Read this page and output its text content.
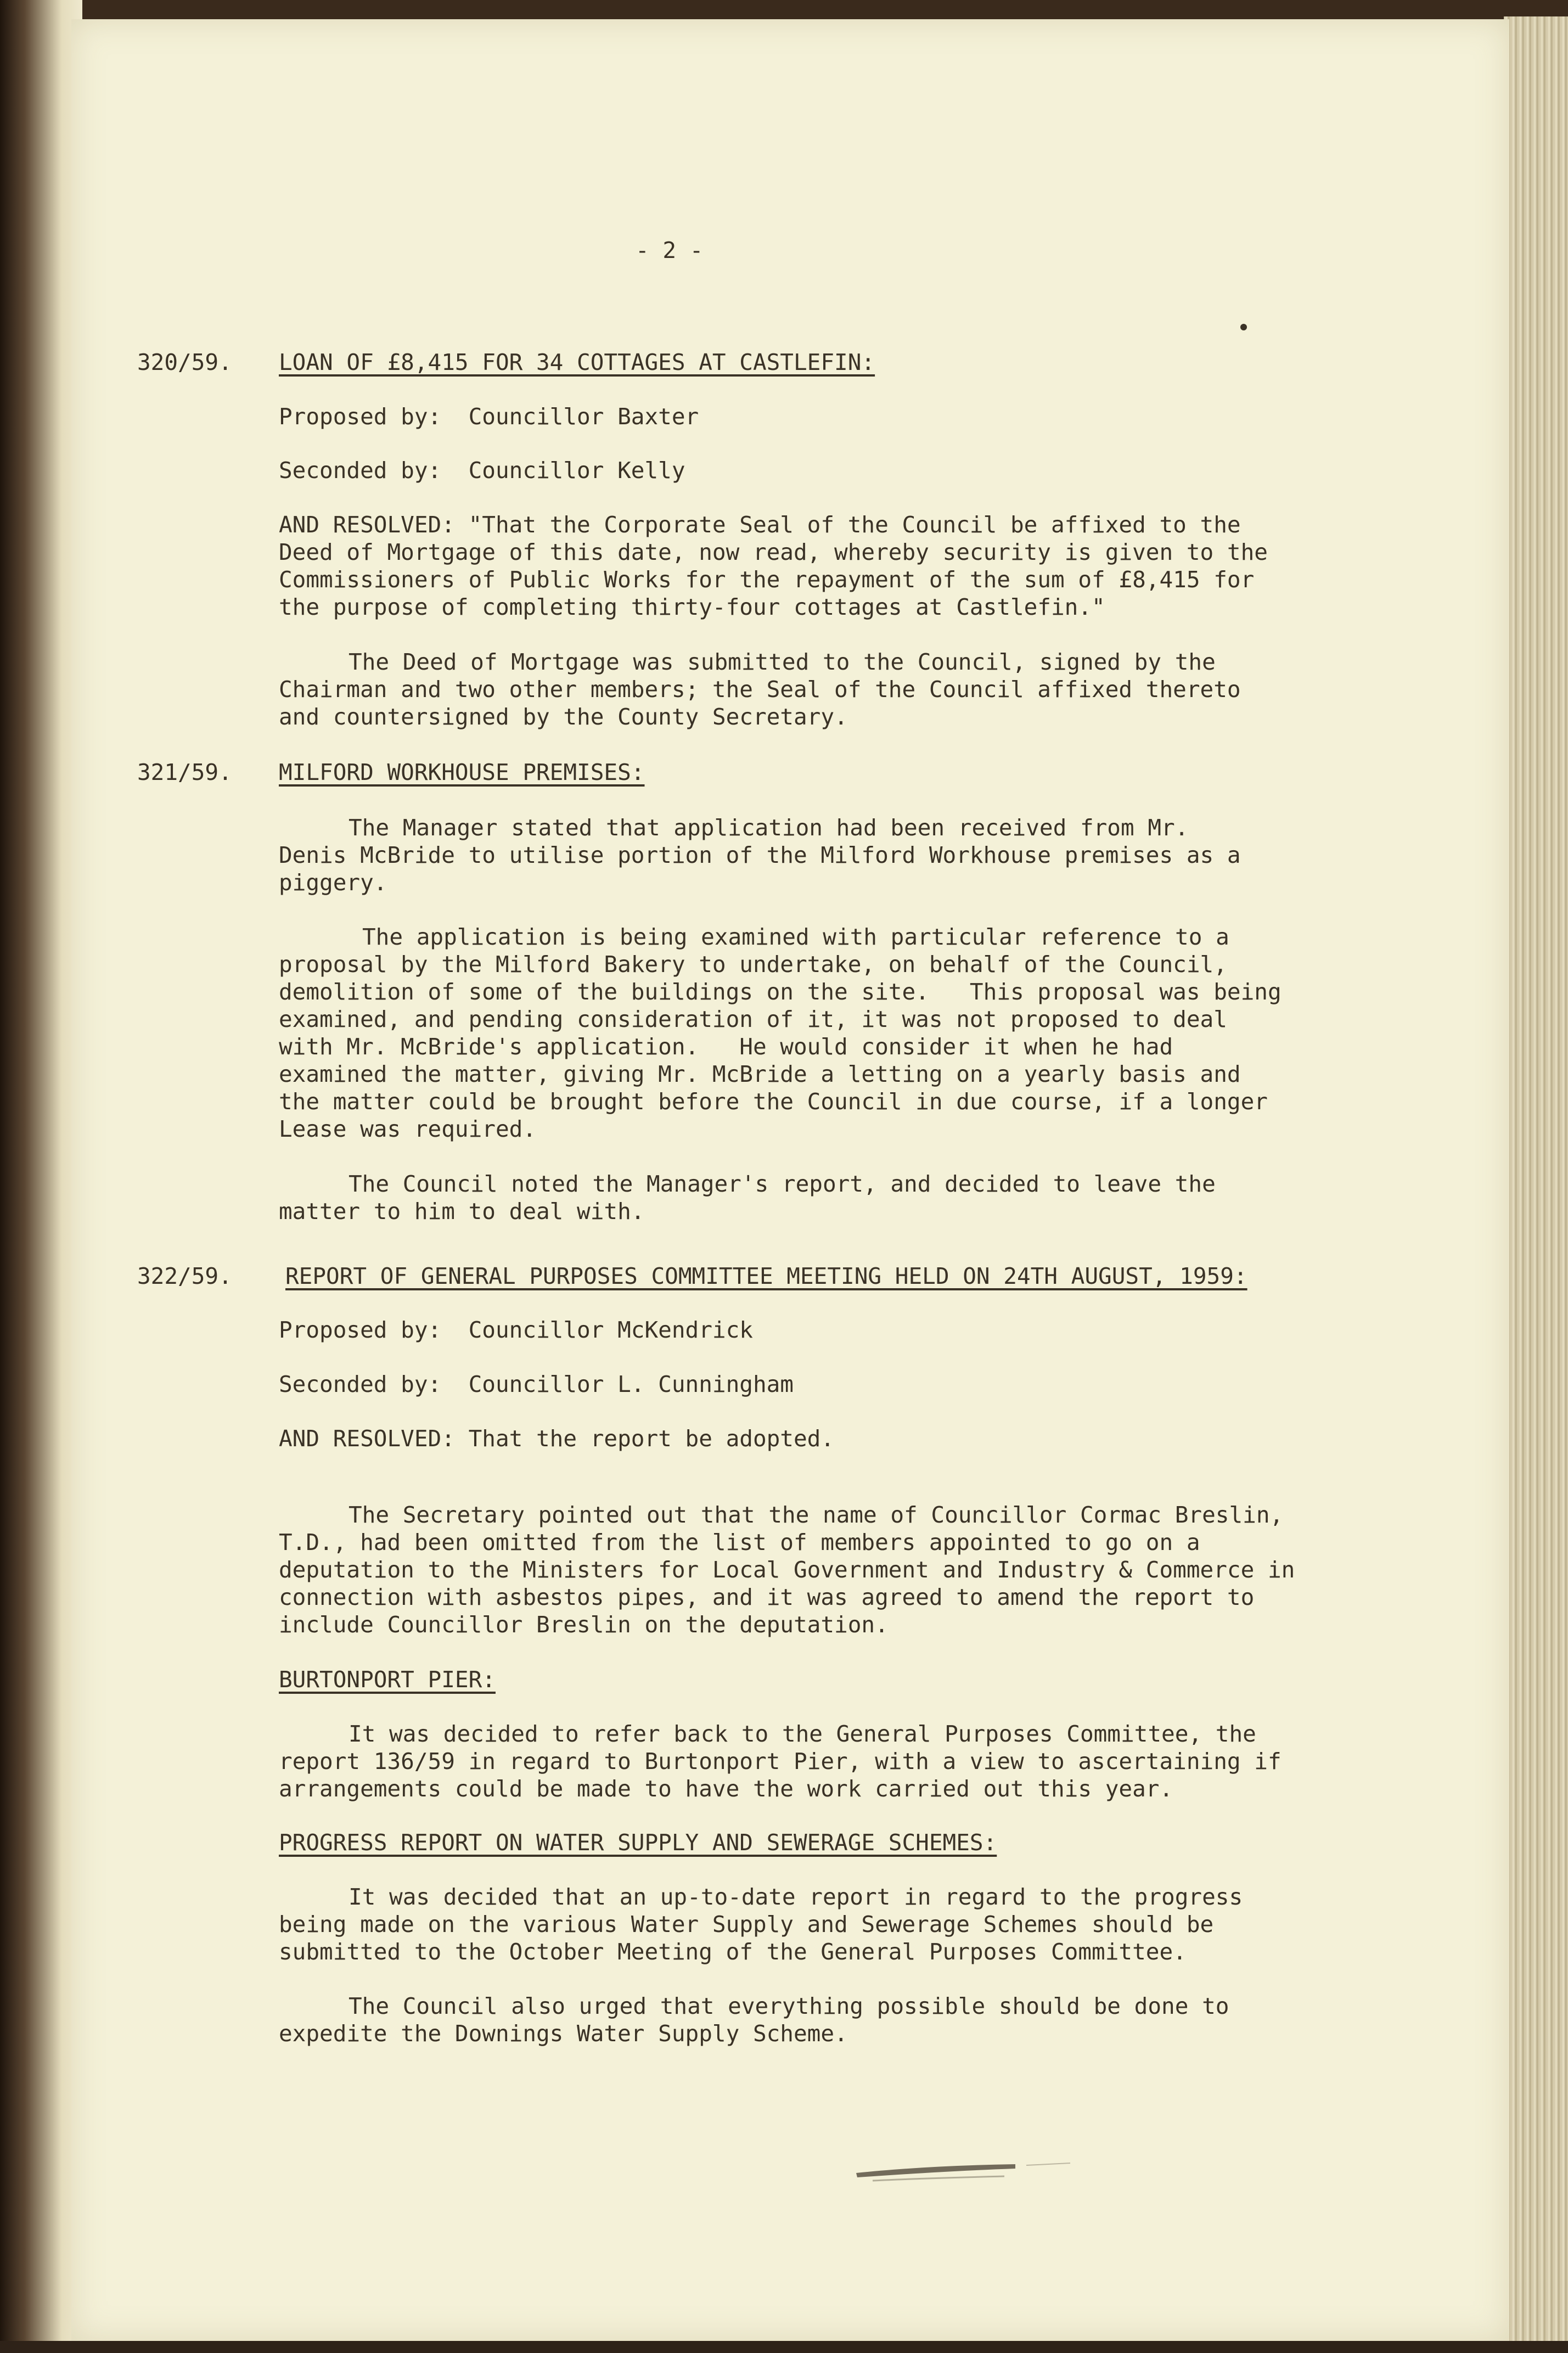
- 2 -
320/59. LOAN OF £8,415 FOR 34 COTTAGES AT CASTLEFIN:
Proposed by:  Councillor Baxter
Seconded by:  Councillor Kelly
AND RESOLVED: "That the Corporate Seal of the Council be affixed to the
Deed of Mortgage of this date, now read, whereby security is given to the
Commissioners of Public Works for the repayment of the sum of £8,415 for
the purpose of completing thirty-four cottages at Castlefin."
The Deed of Mortgage was submitted to the Council, signed by the
Chairman and two other members; the Seal of the Council affixed thereto
and countersigned by the County Secretary.
321/59. MILFORD WORKHOUSE PREMISES:
The Manager stated that application had been received from Mr.
Denis McBride to utilise portion of the Milford Workhouse premises as a
piggery.
The application is being examined with particular reference to a
proposal by the Milford Bakery to undertake, on behalf of the Council,
demolition of some of the buildings on the site.   This proposal was being
examined, and pending consideration of it, it was not proposed to deal
with Mr. McBride's application.   He would consider it when he had
examined the matter, giving Mr. McBride a letting on a yearly basis and
the matter could be brought before the Council in due course, if a longer
Lease was required.
The Council noted the Manager's report, and decided to leave the
matter to him to deal with.
322/59. REPORT OF GENERAL PURPOSES COMMITTEE MEETING HELD ON 24TH AUGUST, 1959:
Proposed by:  Councillor McKendrick
Seconded by:  Councillor L. Cunningham
AND RESOLVED: That the report be adopted.
The Secretary pointed out that the name of Councillor Cormac Breslin,
T.D., had been omitted from the list of members appointed to go on a
deputation to the Ministers for Local Government and Industry & Commerce in
connection with asbestos pipes, and it was agreed to amend the report to
include Councillor Breslin on the deputation.
BURTONPORT PIER:
It was decided to refer back to the General Purposes Committee, the
report 136/59 in regard to Burtonport Pier, with a view to ascertaining if
arrangements could be made to have the work carried out this year.
PROGRESS REPORT ON WATER SUPPLY AND SEWERAGE SCHEMES:
It was decided that an up-to-date report in regard to the progress
being made on the various Water Supply and Sewerage Schemes should be
submitted to the October Meeting of the General Purposes Committee.
The Council also urged that everything possible should be done to
expedite the Downings Water Supply Scheme.
